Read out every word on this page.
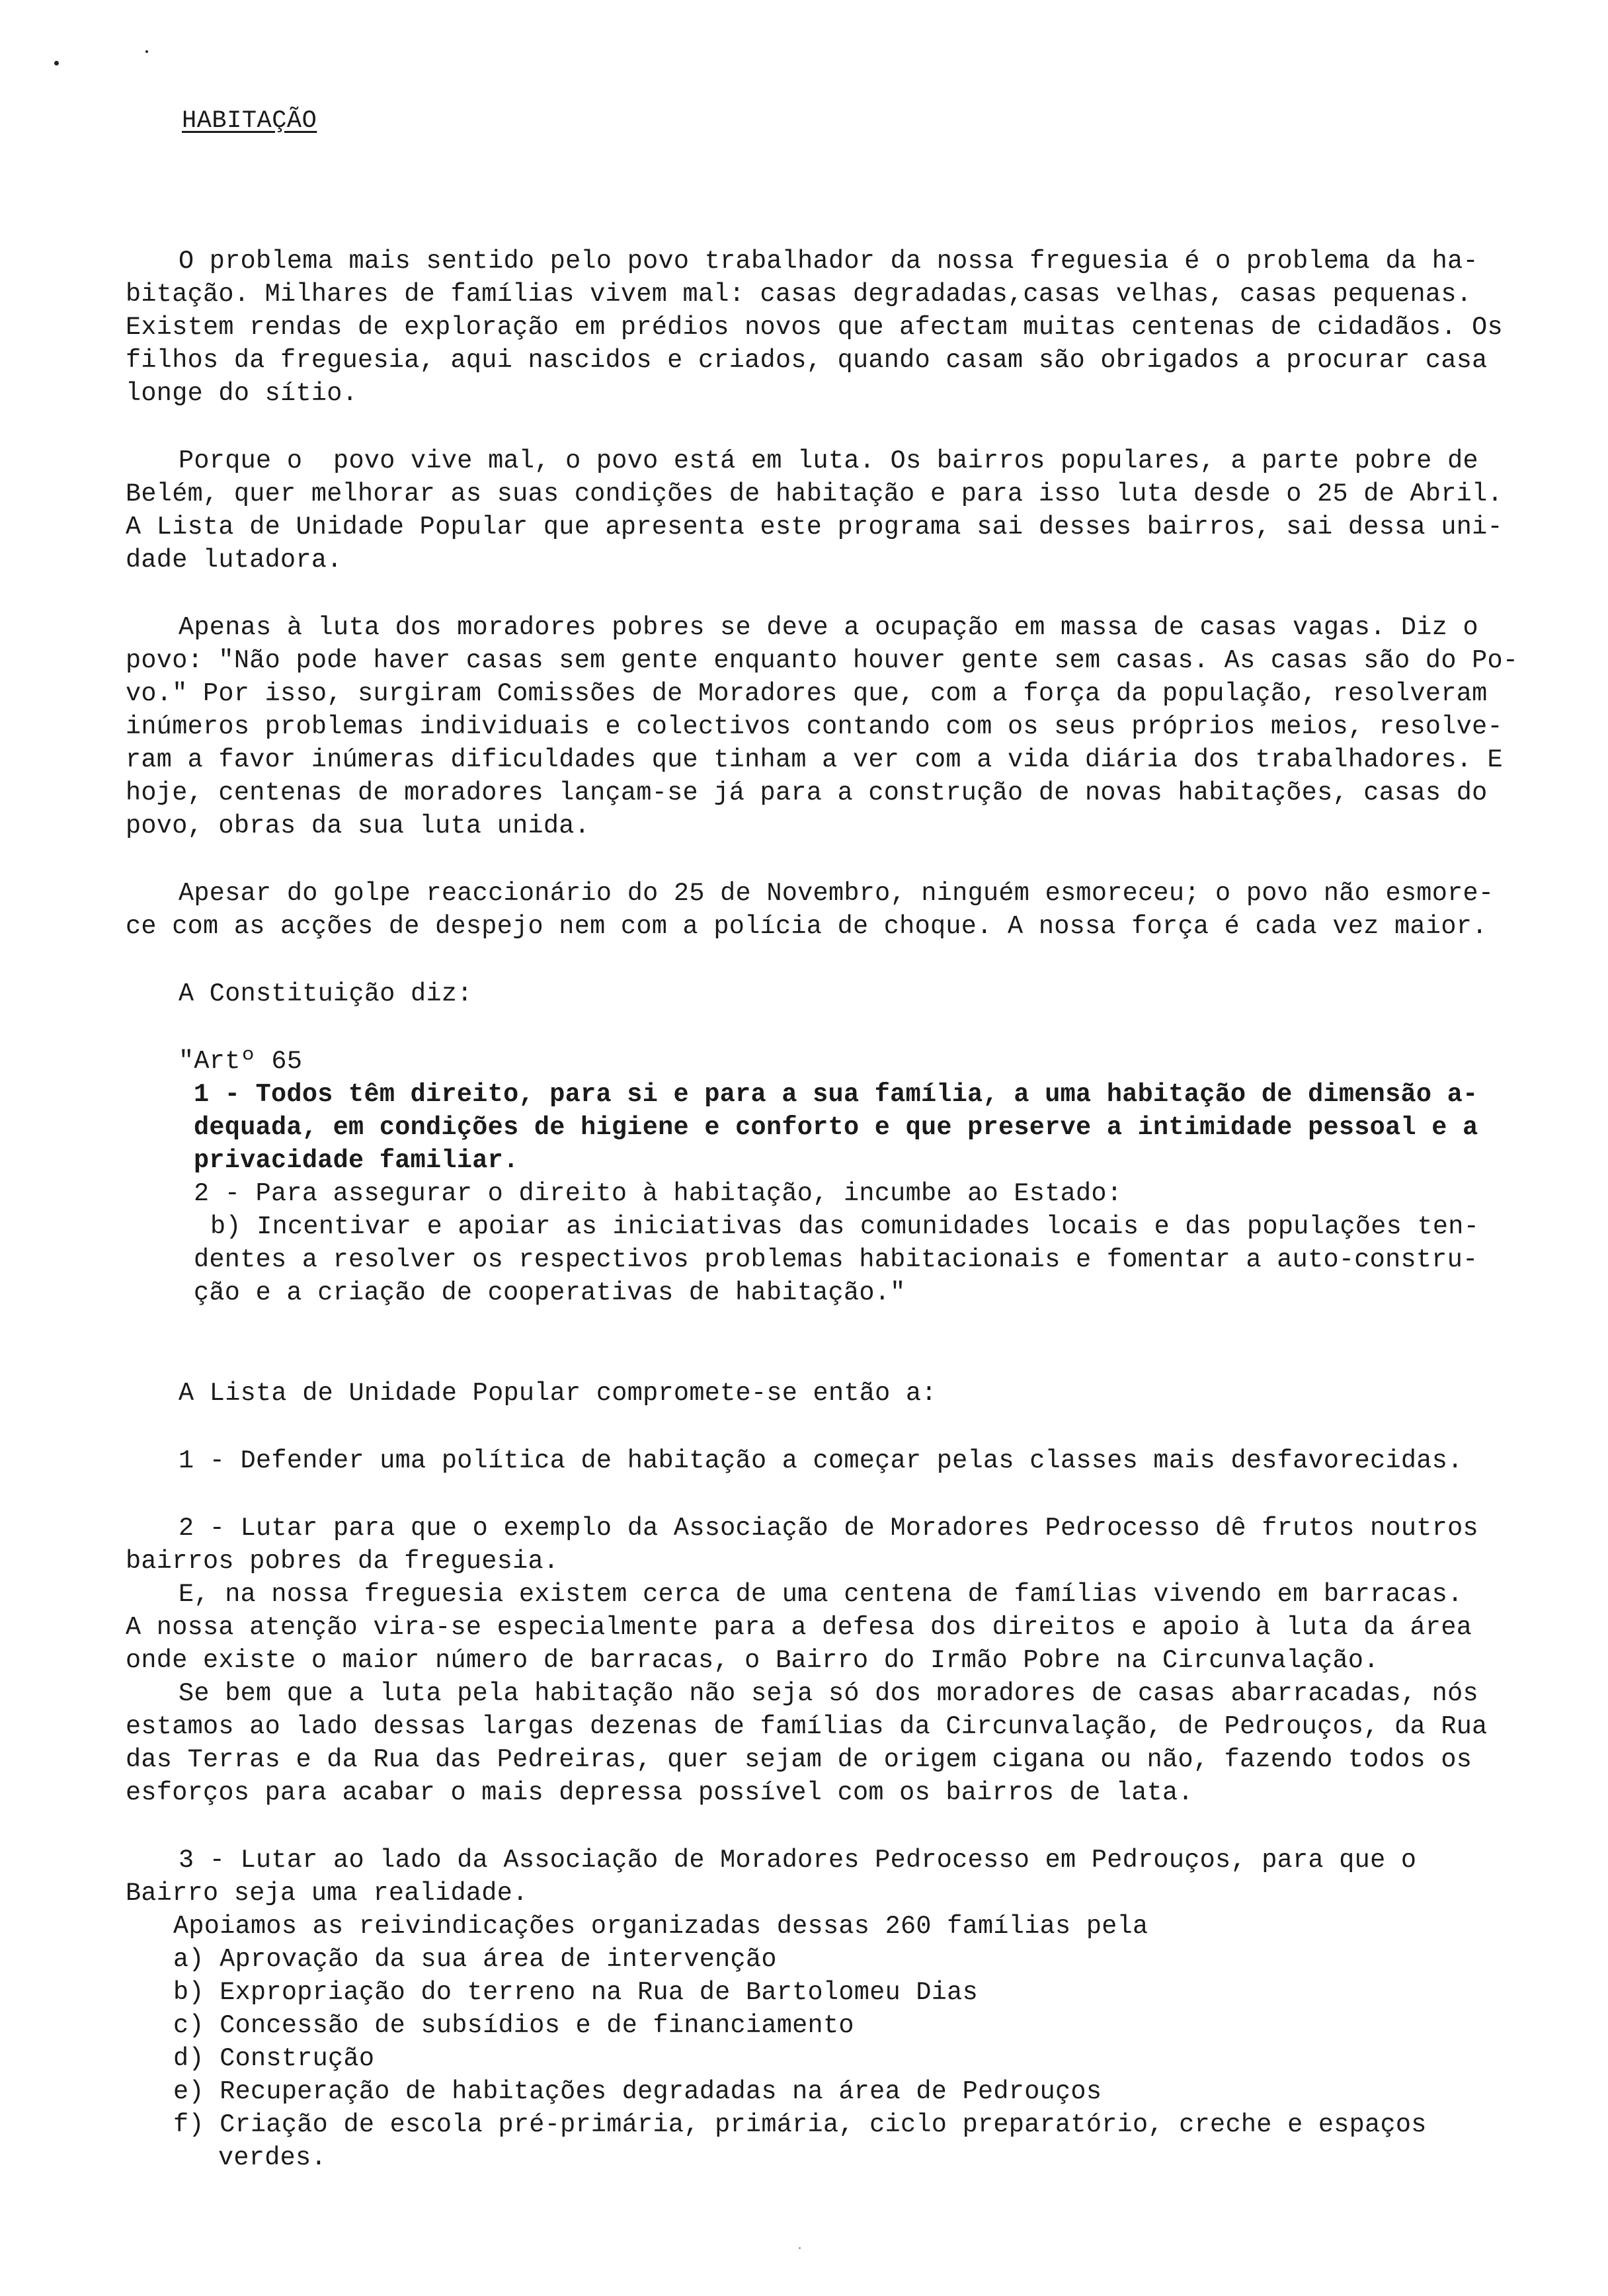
HABITAÇÃO
O problema mais sentido pelo povo trabalhador da nossa freguesia é o problema da ha-
bitação. Milhares de famílias vivem mal: casas degradadas,casas velhas, casas pequenas.
Existem rendas de exploração em prédios novos que afectam muitas centenas de cidadãos. Os
filhos da freguesia, aqui nascidos e criados, quando casam são obrigados a procurar casa
longe do sítio.
Porque o  povo vive mal, o povo está em luta. Os bairros populares, a parte pobre de
Belém, quer melhorar as suas condições de habitação e para isso luta desde o 25 de Abril.
A Lista de Unidade Popular que apresenta este programa sai desses bairros, sai dessa uni-
dade lutadora.
Apenas à luta dos moradores pobres se deve a ocupação em massa de casas vagas. Diz o
povo: "Não pode haver casas sem gente enquanto houver gente sem casas. As casas são do Po-
vo." Por isso, surgiram Comissões de Moradores que, com a força da população, resolveram
inúmeros problemas individuais e colectivos contando com os seus próprios meios, resolve-
ram a favor inúmeras dificuldades que tinham a ver com a vida diária dos trabalhadores. E
hoje, centenas de moradores lançam-se já para a construção de novas habitações, casas do
povo, obras da sua luta unida.
Apesar do golpe reaccionário do 25 de Novembro, ninguém esmoreceu; o povo não esmore-
ce com as acções de despejo nem com a polícia de choque. A nossa força é cada vez maior.
A Constituição diz:
"Artº 65
1 - Todos têm direito, para si e para a sua família, a uma habitação de dimensão a-
dequada, em condições de higiene e conforto e que preserve a intimidade pessoal e a
privacidade familiar.
2 - Para assegurar o direito à habitação, incumbe ao Estado:
b) Incentivar e apoiar as iniciativas das comunidades locais e das populações ten-
dentes a resolver os respectivos problemas habitacionais e fomentar a auto-constru-
ção e a criação de cooperativas de habitação."
A Lista de Unidade Popular compromete-se então a:
1 - Defender uma política de habitação a começar pelas classes mais desfavorecidas.
2 - Lutar para que o exemplo da Associação de Moradores Pedrocesso dê frutos noutros
bairros pobres da freguesia.
E, na nossa freguesia existem cerca de uma centena de famílias vivendo em barracas.
A nossa atenção vira-se especialmente para a defesa dos direitos e apoio à luta da área
onde existe o maior número de barracas, o Bairro do Irmão Pobre na Circunvalação.
Se bem que a luta pela habitação não seja só dos moradores de casas abarracadas, nós
estamos ao lado dessas largas dezenas de famílias da Circunvalação, de Pedrouços, da Rua
das Terras e da Rua das Pedreiras, quer sejam de origem cigana ou não, fazendo todos os
esforços para acabar o mais depressa possível com os bairros de lata.
3 - Lutar ao lado da Associação de Moradores Pedrocesso em Pedrouços, para que o
Bairro seja uma realidade.
Apoiamos as reivindicações organizadas dessas 260 famílias pela
a) Aprovação da sua área de intervenção
b) Expropriação do terreno na Rua de Bartolomeu Dias
c) Concessão de subsídios e de financiamento
d) Construção
e) Recuperação de habitações degradadas na área de Pedrouços
f) Criação de escola pré-primária, primária, ciclo preparatório, creche e espaços
verdes.
